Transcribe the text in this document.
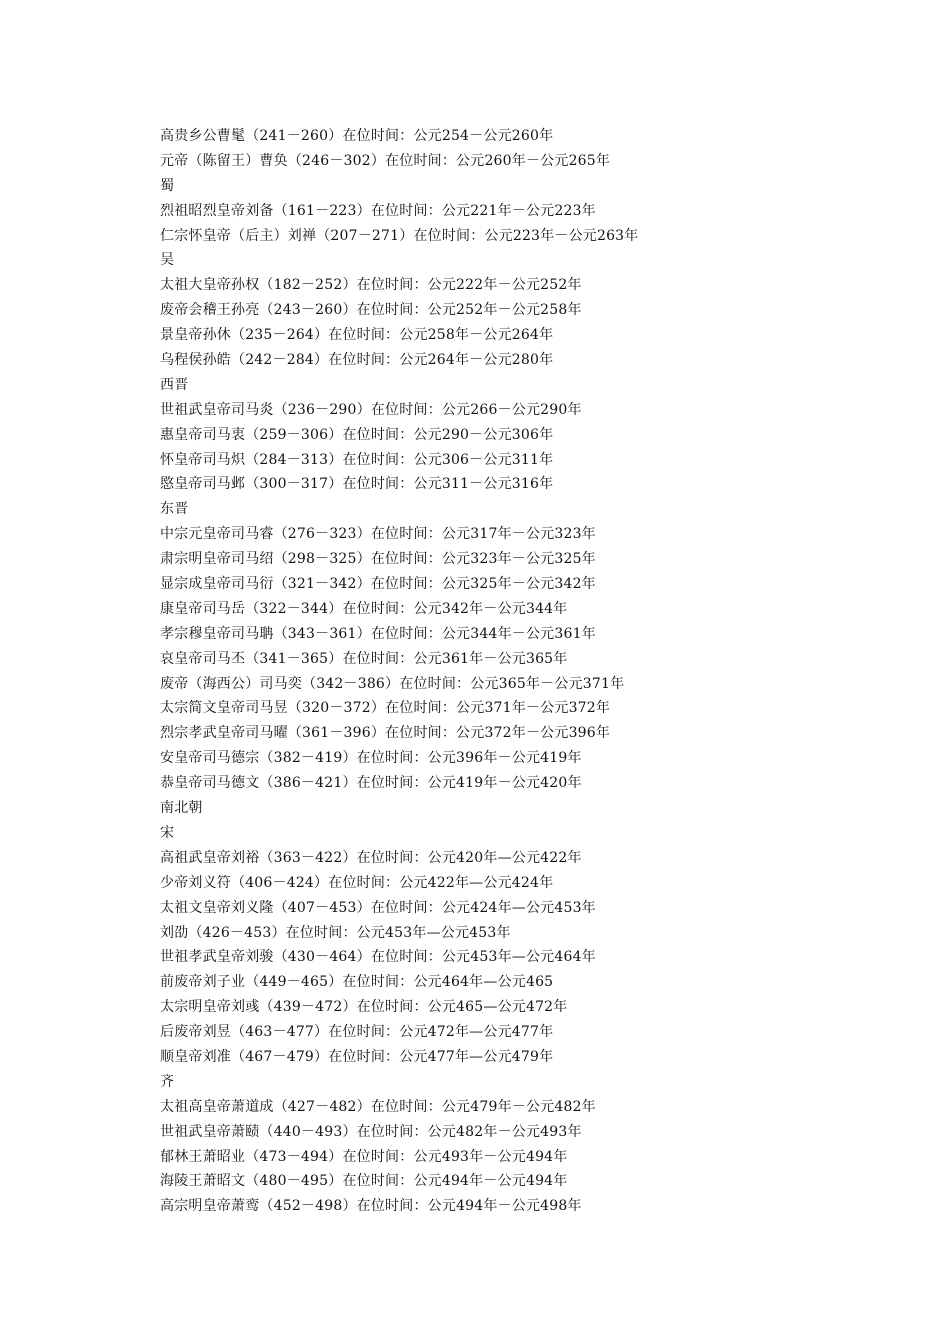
高贵乡公曹髦（241－260）在位时间：公元254－公元260年
元帝（陈留王）曹奂（246－302）在位时间：公元260年－公元265年
蜀
烈祖昭烈皇帝刘备（161－223）在位时间：公元221年－公元223年
仁宗怀皇帝（后主）刘禅（207－271）在位时间：公元223年－公元263年
吴
太祖大皇帝孙权（182－252）在位时间：公元222年－公元252年
废帝会稽王孙亮（243－260）在位时间：公元252年－公元258年
景皇帝孙休（235－264）在位时间：公元258年－公元264年
乌程侯孙皓（242－284）在位时间：公元264年－公元280年
西晋
世祖武皇帝司马炎（236－290）在位时间：公元266－公元290年
惠皇帝司马衷（259－306）在位时间：公元290－公元306年
怀皇帝司马炽（284－313）在位时间：公元306－公元311年
愍皇帝司马邺（300－317）在位时间：公元311－公元316年
东晋
中宗元皇帝司马睿（276－323）在位时间：公元317年－公元323年
肃宗明皇帝司马绍（298－325）在位时间：公元323年－公元325年
显宗成皇帝司马衍（321－342）在位时间：公元325年－公元342年
康皇帝司马岳（322－344）在位时间：公元342年－公元344年
孝宗穆皇帝司马聃（343－361）在位时间：公元344年－公元361年
哀皇帝司马丕（341－365）在位时间：公元361年－公元365年
废帝（海西公）司马奕（342－386）在位时间：公元365年－公元371年
太宗简文皇帝司马昱（320－372）在位时间：公元371年－公元372年
烈宗孝武皇帝司马曜（361－396）在位时间：公元372年－公元396年
安皇帝司马德宗（382－419）在位时间：公元396年－公元419年
恭皇帝司马德文（386－421）在位时间：公元419年－公元420年
南北朝
宋
高祖武皇帝刘裕（363－422）在位时间：公元420年—公元422年
少帝刘义符（406－424）在位时间：公元422年—公元424年
太祖文皇帝刘义隆（407－453）在位时间：公元424年—公元453年
刘劭（426－453）在位时间：公元453年—公元453年
世祖孝武皇帝刘骏（430－464）在位时间：公元453年—公元464年
前废帝刘子业（449－465）在位时间：公元464年—公元465
太宗明皇帝刘彧（439－472）在位时间：公元465—公元472年
后废帝刘昱（463－477）在位时间：公元472年—公元477年
顺皇帝刘准（467－479）在位时间：公元477年—公元479年
齐
太祖高皇帝萧道成（427－482）在位时间：公元479年－公元482年
世祖武皇帝萧赜（440－493）在位时间：公元482年－公元493年
郁林王萧昭业（473－494）在位时间：公元493年－公元494年
海陵王萧昭文（480－495）在位时间：公元494年－公元494年
高宗明皇帝萧鸾（452－498）在位时间：公元494年－公元498年
